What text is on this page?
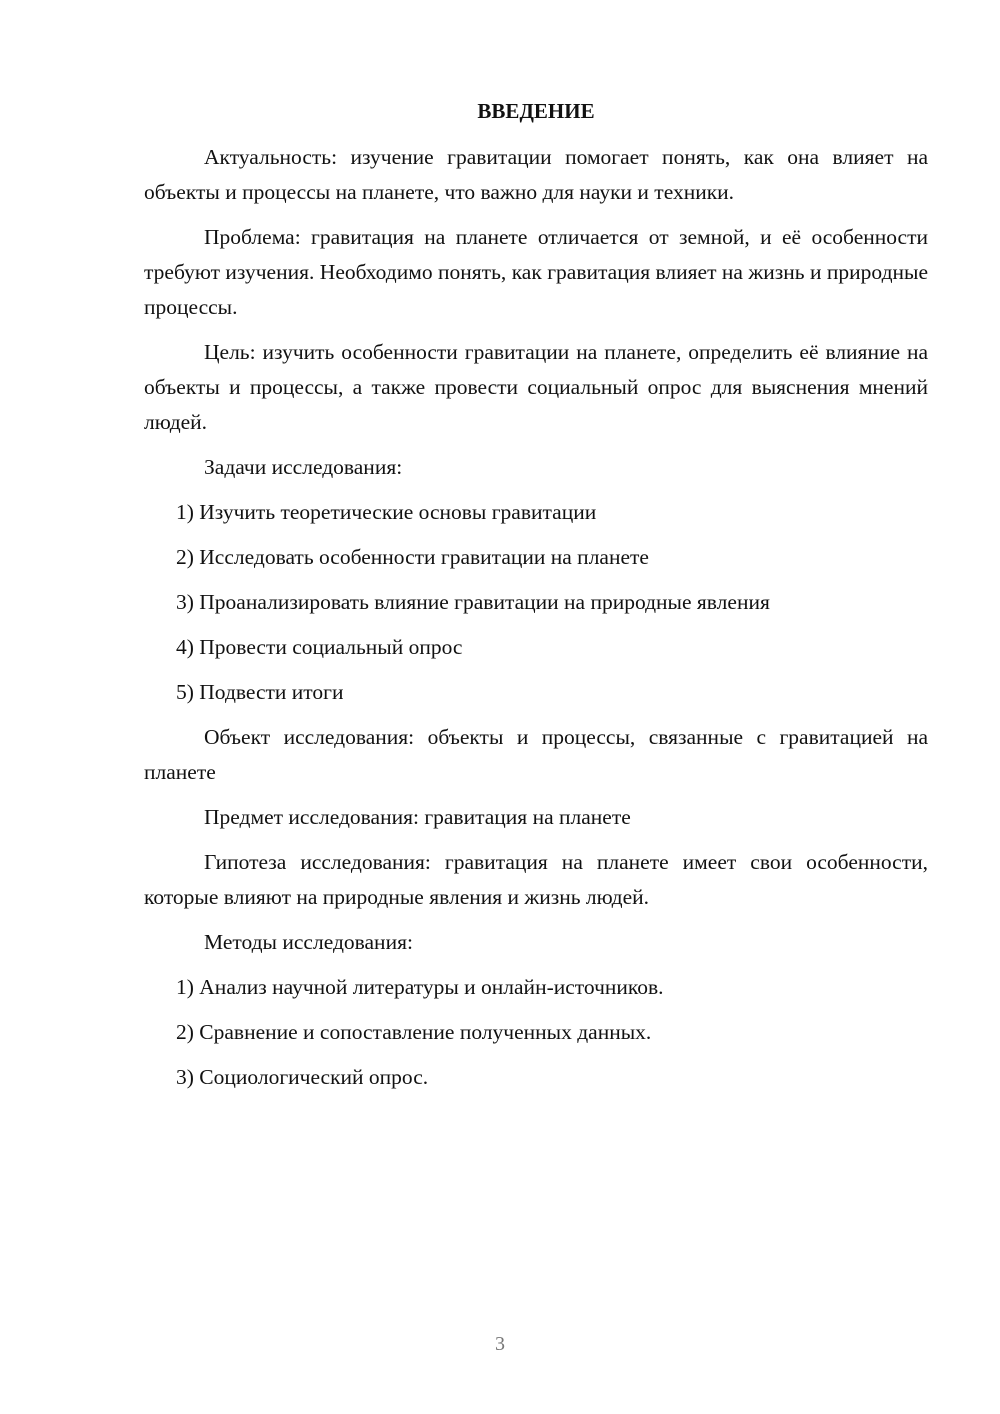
ВВЕДЕНИЕ

Актуальность: изучение гравитации помогает понять, как она влияет на объекты и процессы на планете, что важно для науки и техники.

Проблема: гравитация на планете отличается от земной, и её особенности требуют изучения. Необходимо понять, как гравитация влияет на жизнь и природные процессы.

Цель: изучить особенности гравитации на планете, определить её влияние на объекты и процессы, а также провести социальный опрос для выяснения мнений людей.

Задачи исследования:

1) Изучить теоретические основы гравитации
2) Исследовать особенности гравитации на планете
3) Проанализировать влияние гравитации на природные явления
4) Провести социальный опрос
5) Подвести итоги

Объект исследования: объекты и процессы, связанные с гравитацией на планете

Предмет исследования: гравитация на планете

Гипотеза исследования: гравитация на планете имеет свои особенности, которые влияют на природные явления и жизнь людей.

Методы исследования:

1) Анализ научной литературы и онлайн-источников.
2) Сравнение и сопоставление полученных данных.
3) Социологический опрос.
3
